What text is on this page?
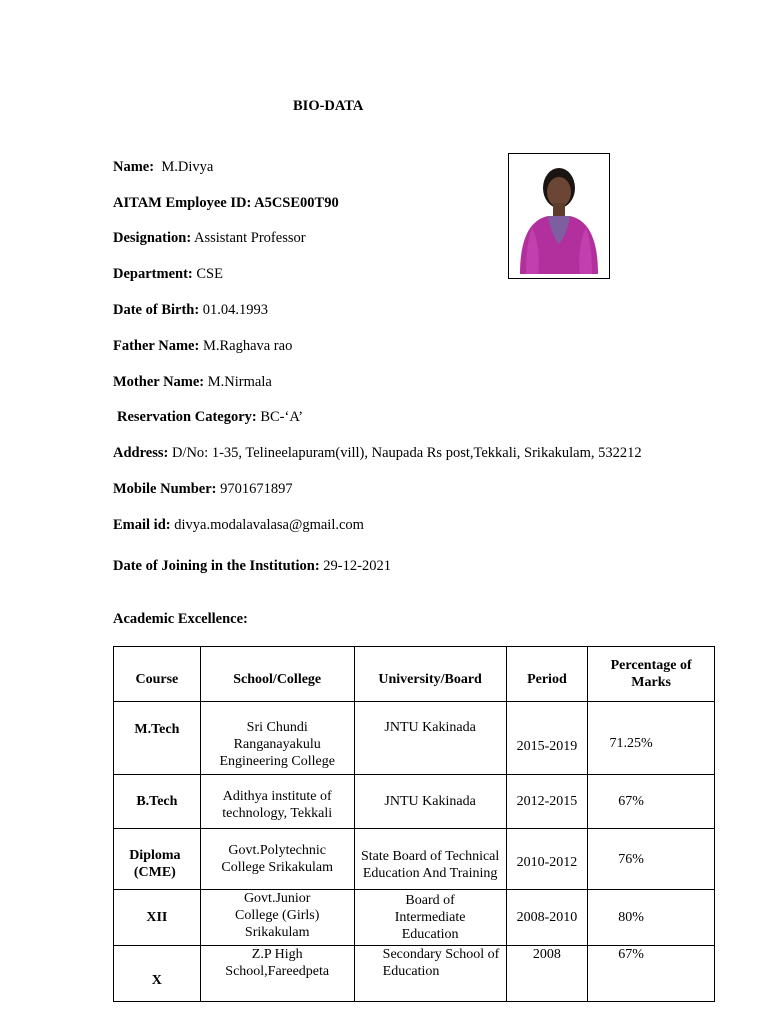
BIO-DATA
Name: M.Divya
AITAM Employee ID: A5CSE00T90
Designation: Assistant Professor
Department: CSE
Date of Birth: 01.04.1993
Father Name: M.Raghava rao
Mother Name: M.Nirmala
Reservation Category: BC-‘A’
Address: D/No: 1-35, Telineelapuram(vill), Naupada Rs post,Tekkali, Srikakulam, 532212
Mobile Number: 9701671897
Email id: divya.modalavalasa@gmail.com
Date of Joining in the Institution: 29-12-2021
Academic Excellence:
Course	School/College	University/Board	Period	Percentage of Marks
M.Tech	Sri Chundi Ranganayakulu Engineering College	JNTU Kakinada	2015-2019	71.25%
B.Tech	Adithya institute of technology, Tekkali	JNTU Kakinada	2012-2015	67%
Diploma (CME)	Govt.Polytechnic College Srikakulam	State Board of Technical Education And Training	2010-2012	76%
XII	Govt.Junior College (Girls) Srikakulam	Board of Intermediate Education	2008-2010	80%
X	Z.P High School,Fareedpeta	Secondary School of Education	2008	67%
